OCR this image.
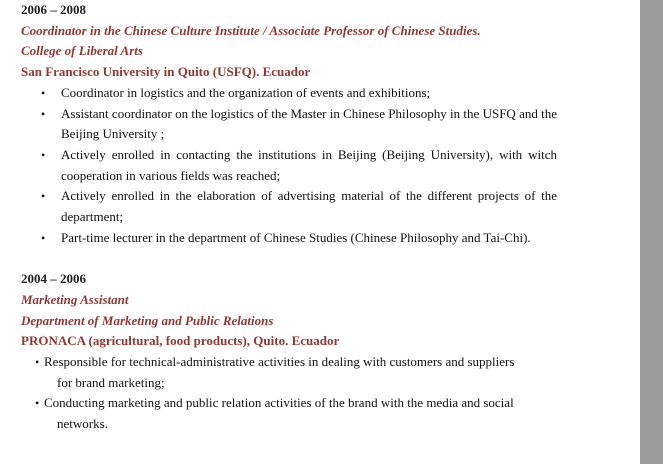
2006 – 2008
Coordinator in the Chinese Culture Institute / Associate Professor of Chinese Studies.
College of Liberal Arts
San Francisco University in Quito (USFQ). Ecuador
• Coordinator in logistics and the organization of events and exhibitions;
• Assistant coordinator on the logistics of the Master in Chinese Philosophy in the USFQ and the Beijing University ;
• Actively enrolled in contacting the institutions in Beijing (Beijing University), with witch cooperation in various fields was reached;
• Actively enrolled in the elaboration of advertising material of the different projects of the department;
• Part-time lecturer in the department of Chinese Studies (Chinese Philosophy and Tai-Chi).
2004 – 2006
Marketing Assistant
Department of Marketing and Public Relations
PRONACA (agricultural, food products), Quito. Ecuador
• Responsible for technical-administrative activities in dealing with customers and suppliers
for brand marketing;
• Conducting marketing and public relation activities of the brand with the media and social
networks.
